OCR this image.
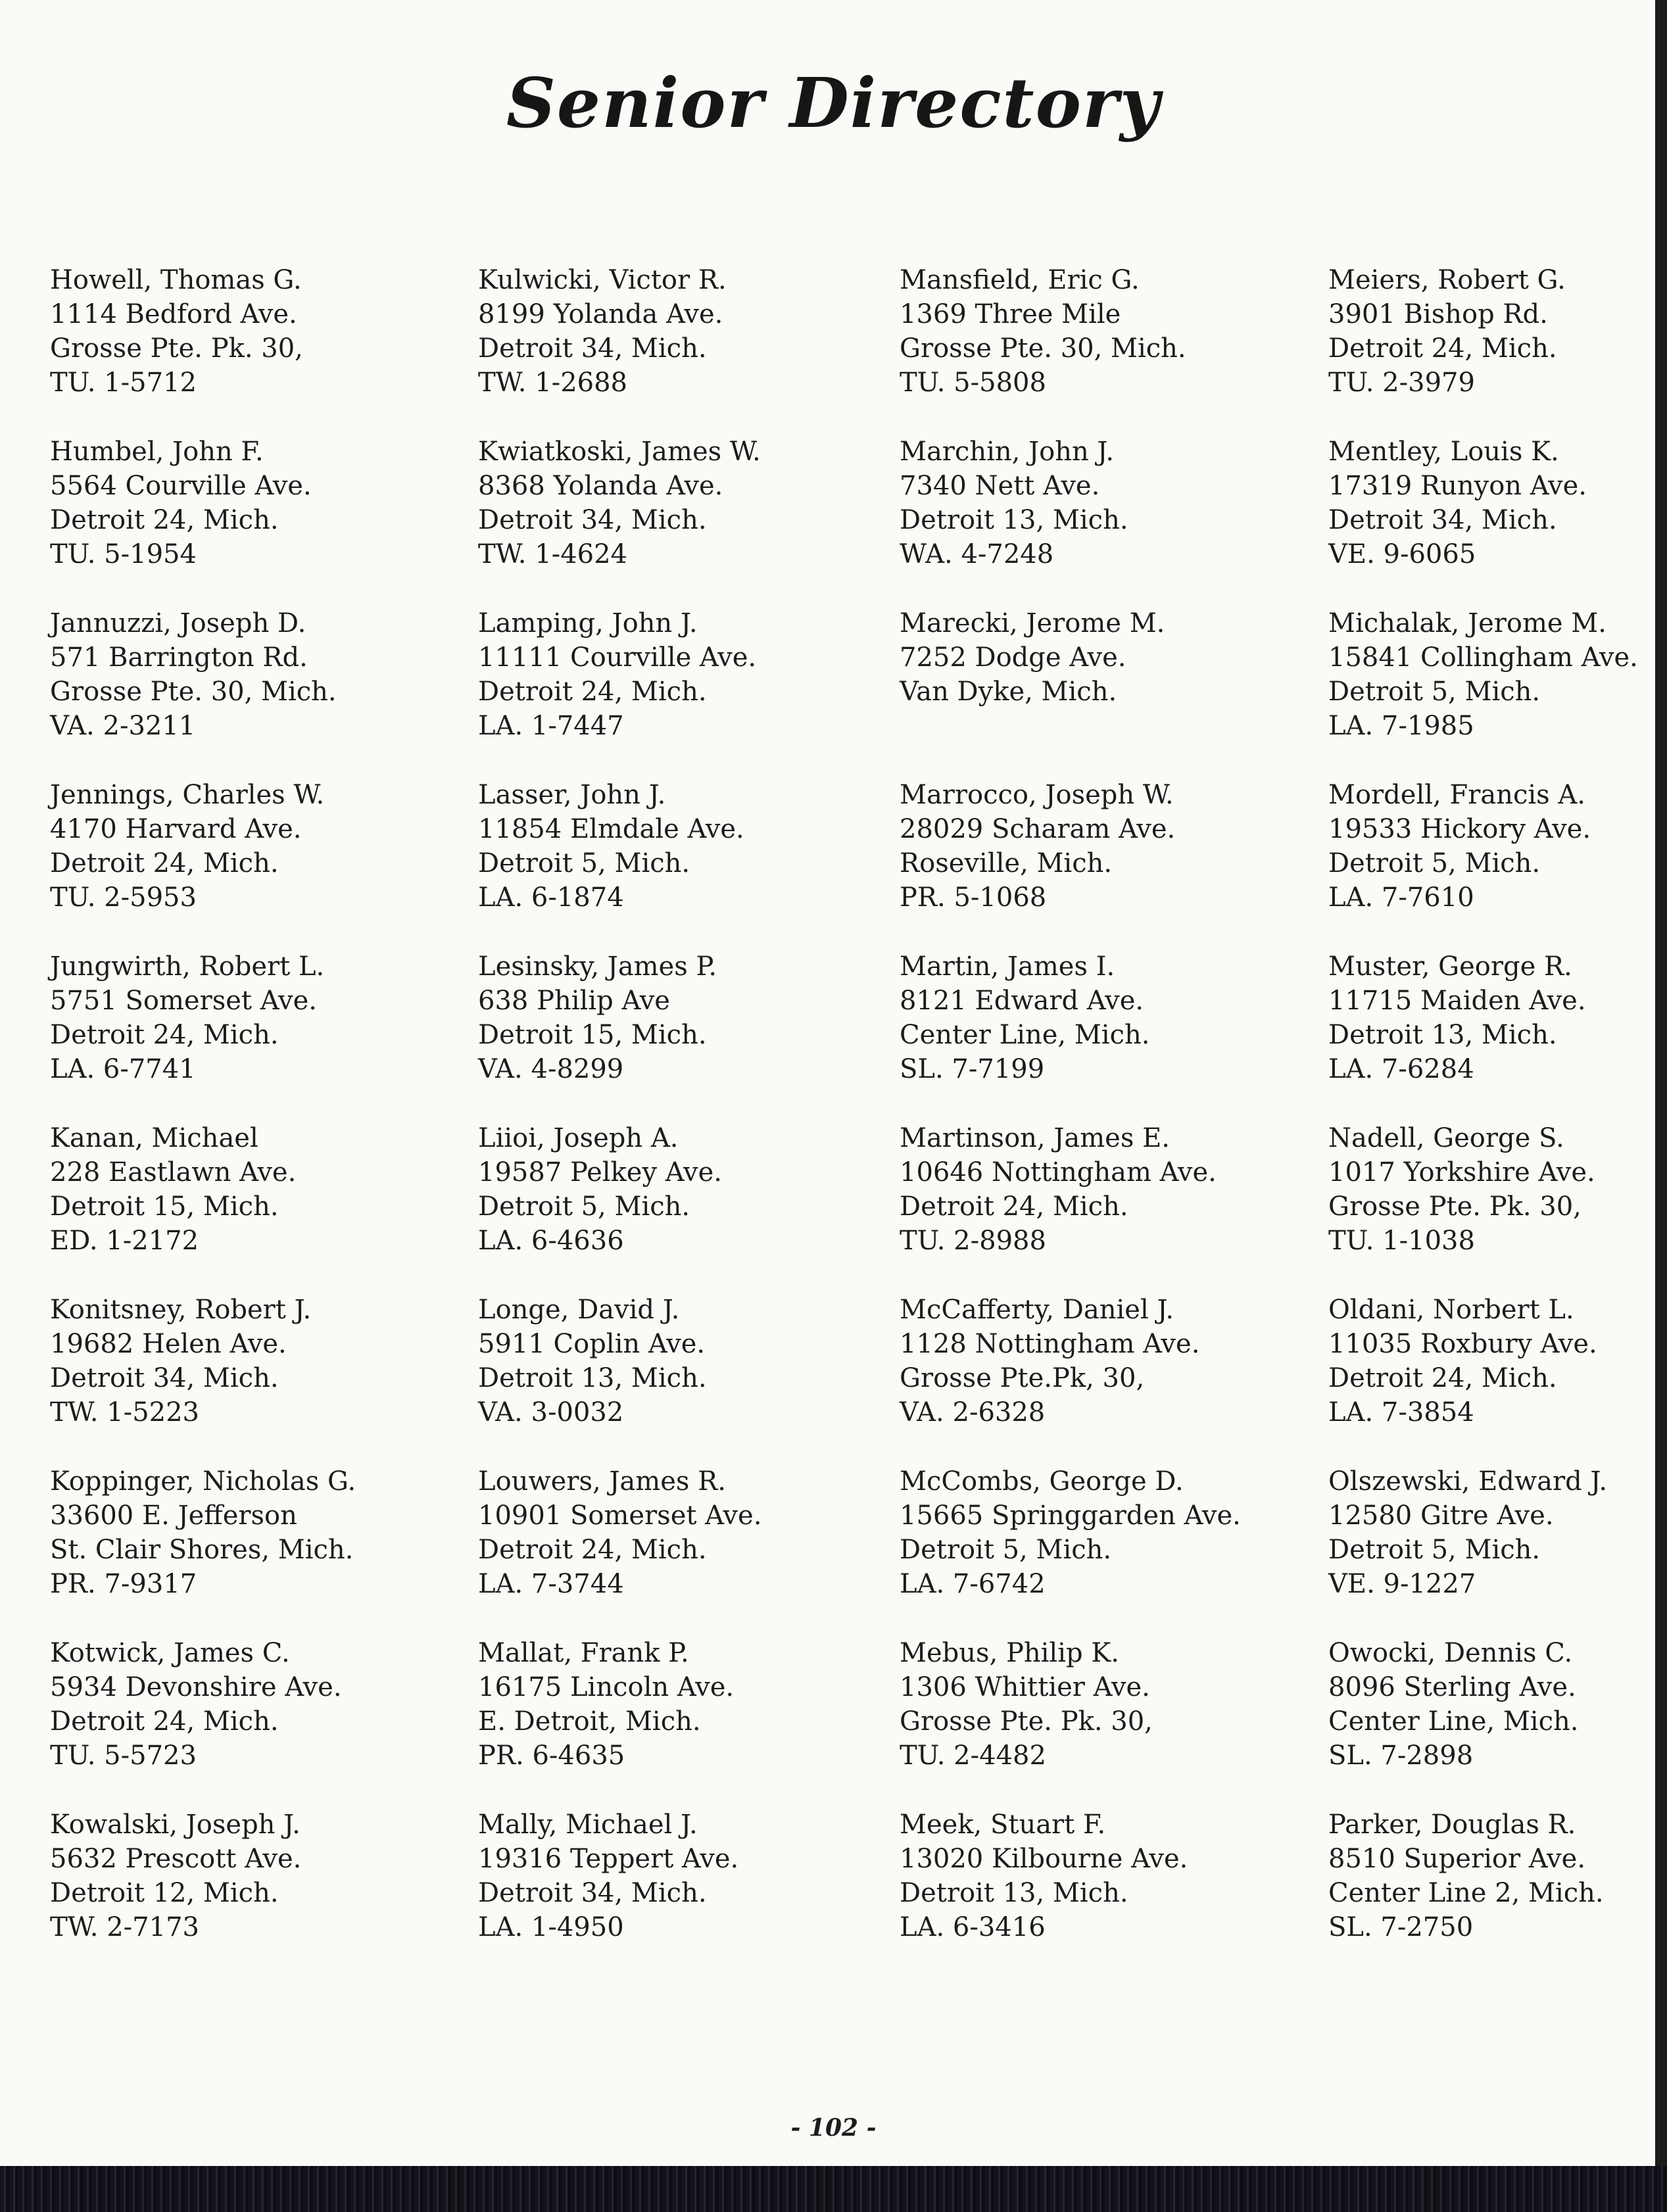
Senior Directory
Howell, Thomas G.
1114 Bedford Ave.
Grosse Pte. Pk. 30,
TU. 1-5712
Humbel, John F.
5564 Courville Ave.
Detroit 24, Mich.
TU. 5-1954
Jannuzzi, Joseph D.
571 Barrington Rd.
Grosse Pte. 30, Mich.
VA. 2-3211
Jennings, Charles W.
4170 Harvard Ave.
Detroit 24, Mich.
TU. 2-5953
Jungwirth, Robert L.
5751 Somerset Ave.
Detroit 24, Mich.
LA. 6-7741
Kanan, Michael
228 Eastlawn Ave.
Detroit 15, Mich.
ED. 1-2172
Konitsney, Robert J.
19682 Helen Ave.
Detroit 34, Mich.
TW. 1-5223
Koppinger, Nicholas G.
33600 E. Jefferson
St. Clair Shores, Mich.
PR. 7-9317
Kotwick, James C.
5934 Devonshire Ave.
Detroit 24, Mich.
TU. 5-5723
Kowalski, Joseph J.
5632 Prescott Ave.
Detroit 12, Mich.
TW. 2-7173
Kulwicki, Victor R.
8199 Yolanda Ave.
Detroit 34, Mich.
TW. 1-2688
Kwiatkoski, James W.
8368 Yolanda Ave.
Detroit 34, Mich.
TW. 1-4624
Lamping, John J.
11111 Courville Ave.
Detroit 24, Mich.
LA. 1-7447
Lasser, John J.
11854 Elmdale Ave.
Detroit 5, Mich.
LA. 6-1874
Lesinsky, James P.
638 Philip Ave
Detroit 15, Mich.
VA. 4-8299
Liioi, Joseph A.
19587 Pelkey Ave.
Detroit 5, Mich.
LA. 6-4636
Longe, David J.
5911 Coplin Ave.
Detroit 13, Mich.
VA. 3-0032
Louwers, James R.
10901 Somerset Ave.
Detroit 24, Mich.
LA. 7-3744
Mallat, Frank P.
16175 Lincoln Ave.
E. Detroit, Mich.
PR. 6-4635
Mally, Michael J.
19316 Teppert Ave.
Detroit 34, Mich.
LA. 1-4950
Mansfield, Eric G.
1369 Three Mile
Grosse Pte. 30, Mich.
TU. 5-5808
Marchin, John J.
7340 Nett Ave.
Detroit 13, Mich.
WA. 4-7248
Marecki, Jerome M.
7252 Dodge Ave.
Van Dyke, Mich.
Marrocco, Joseph W.
28029 Scharam Ave.
Roseville, Mich.
PR. 5-1068
Martin, James I.
8121 Edward Ave.
Center Line, Mich.
SL. 7-7199
Martinson, James E.
10646 Nottingham Ave.
Detroit 24, Mich.
TU. 2-8988
McCafferty, Daniel J.
1128 Nottingham Ave.
Grosse Pte.Pk, 30,
VA. 2-6328
McCombs, George D.
15665 Springgarden Ave.
Detroit 5, Mich.
LA. 7-6742
Mebus, Philip K.
1306 Whittier Ave.
Grosse Pte. Pk. 30,
TU. 2-4482
Meek, Stuart F.
13020 Kilbourne Ave.
Detroit 13, Mich.
LA. 6-3416
Meiers, Robert G.
3901 Bishop Rd.
Detroit 24, Mich.
TU. 2-3979
Mentley, Louis K.
17319 Runyon Ave.
Detroit 34, Mich.
VE. 9-6065
Michalak, Jerome M.
15841 Collingham Ave.
Detroit 5, Mich.
LA. 7-1985
Mordell, Francis A.
19533 Hickory Ave.
Detroit 5, Mich.
LA. 7-7610
Muster, George R.
11715 Maiden Ave.
Detroit 13, Mich.
LA. 7-6284
Nadell, George S.
1017 Yorkshire Ave.
Grosse Pte. Pk. 30,
TU. 1-1038
Oldani, Norbert L.
11035 Roxbury Ave.
Detroit 24, Mich.
LA. 7-3854
Olszewski, Edward J.
12580 Gitre Ave.
Detroit 5, Mich.
VE. 9-1227
Owocki, Dennis C.
8096 Sterling Ave.
Center Line, Mich.
SL. 7-2898
Parker, Douglas R.
8510 Superior Ave.
Center Line 2, Mich.
SL. 7-2750
- 102 -
